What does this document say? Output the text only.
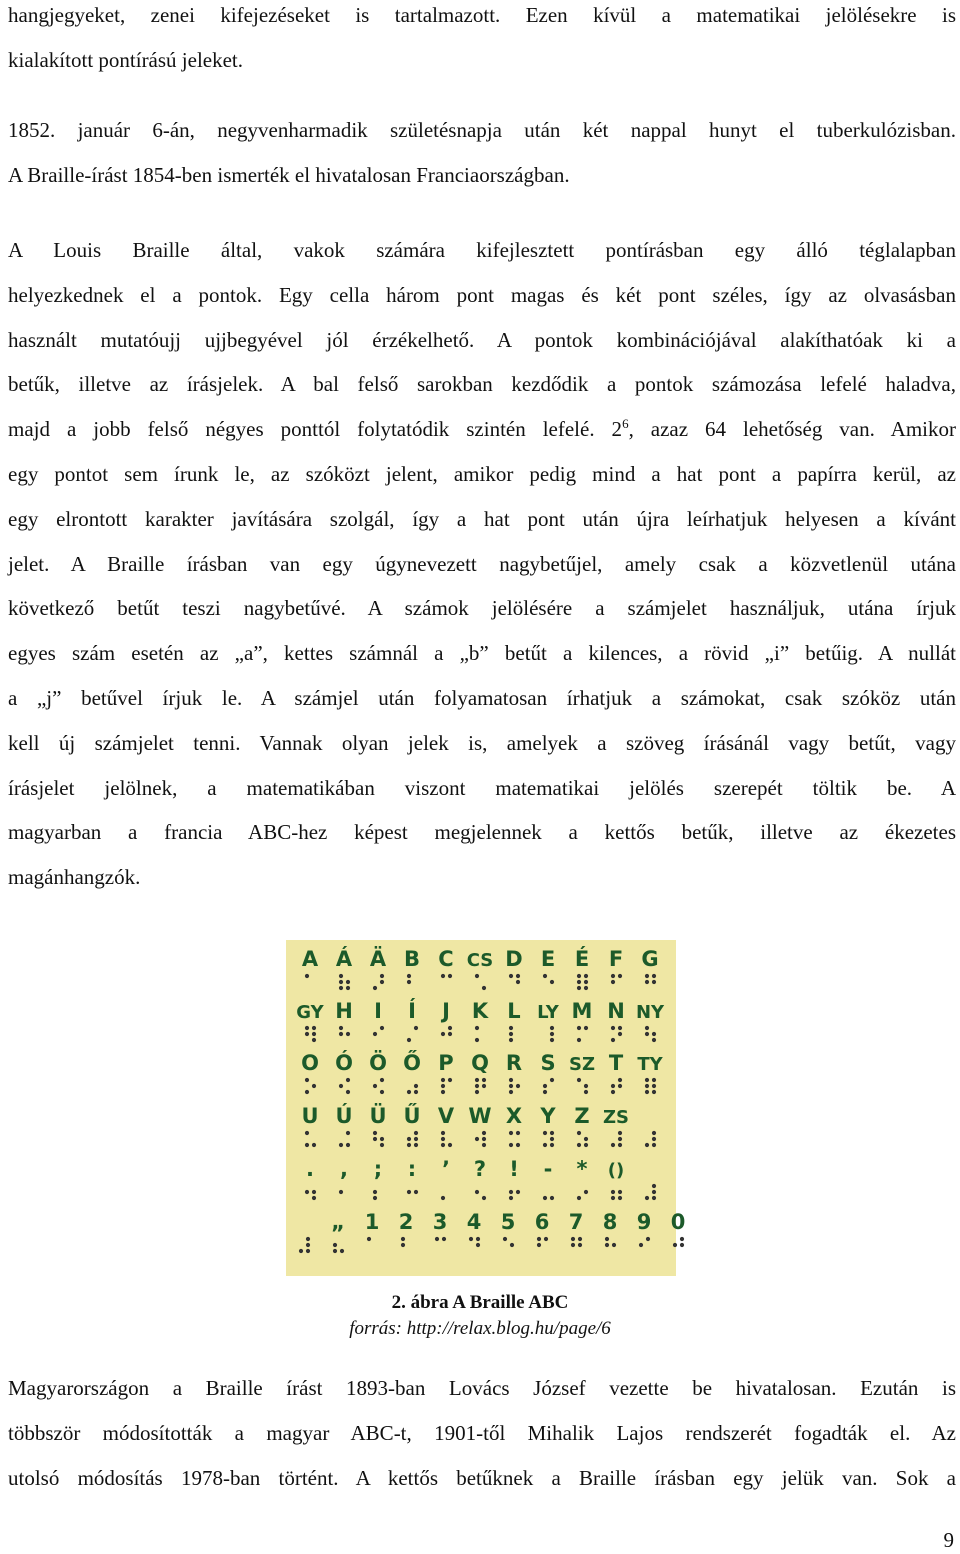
hangjegyeket, zenei kifejezéseket is tartalmazott. Ezen kívül a matematikai jelölésekre is
kialakított pontírású jeleket.

1852. január 6-án, negyvenharmadik születésnapja után két nappal hunyt el tuberkulózisban.
A Braille-írást 1854-ben ismerték el hivatalosan Franciaországban.

A Louis Braille által, vakok számára kifejlesztett pontírásban egy álló téglalapban
helyezkednek el a pontok. Egy cella három pont magas és két pont széles, így az olvasásban
használt mutatóujj ujjbegyével jól érzékelhető. A pontok kombinációjával alakíthatóak ki a
betűk, illetve az írásjelek. A bal felső sarokban kezdődik a pontok számozása lefelé haladva,
majd a jobb felső négyes ponttól folytatódik szintén lefelé. $2^6$, azaz 64 lehetőség van. Amikor
egy pontot sem írunk le, az szóközt jelent, amikor pedig mind a hat pont a papírra kerül, az
egy elrontott karakter javítására szolgál, így a hat pont után újra leírhatjuk helyesen a kívánt
jelet. A Braille írásban van egy úgynevezett nagybetűjel, amely csak a közvetlenül utána
következő betűt teszi nagybetűvé. A számok jelölésére a számjelet használjuk, utána írjuk
egyes szám esetén az „a”, kettes számnál a „b” betűt a kilences, a rövid „i” betűig. A nullát
a „j” betűvel írjuk le. A számjel után folyamatosan írhatjuk a számokat, csak szóköz után
kell új számjelet tenni. Vannak olyan jelek is, amelyek a szöveg írásánál vagy betűt, vagy
írásjelet jelölnek, a matematikában viszont matematikai jelölés szerepét töltik be. A
magyarban a francia ABC-hez képest megjelennek a kettős betűk, illetve az ékezetes
magánhangzók.

A Á Ä B C CS D E É F G
GY H I Í J K L LY M N NY
O Ó Ö Ő P Q R S SZ T TY
U Ú Ü Ű V W X Y Z ZS
. , ; : ’ ? ! - * ()
„ 1 2 3 4 5 6 7 8 9 0
2. ábra A Braille ABC
forrás: http://relax.blog.hu/page/6

Magyarországon a Braille írást 1893-ban Lovács József vezette be hivatalosan. Ezután is
többször módosították a magyar ABC-t, 1901-től Mihalik Lajos rendszerét fogadták el. Az
utolsó módosítás 1978-ban történt. A kettős betűknek a Braille írásban egy jelük van. Sok a

9
